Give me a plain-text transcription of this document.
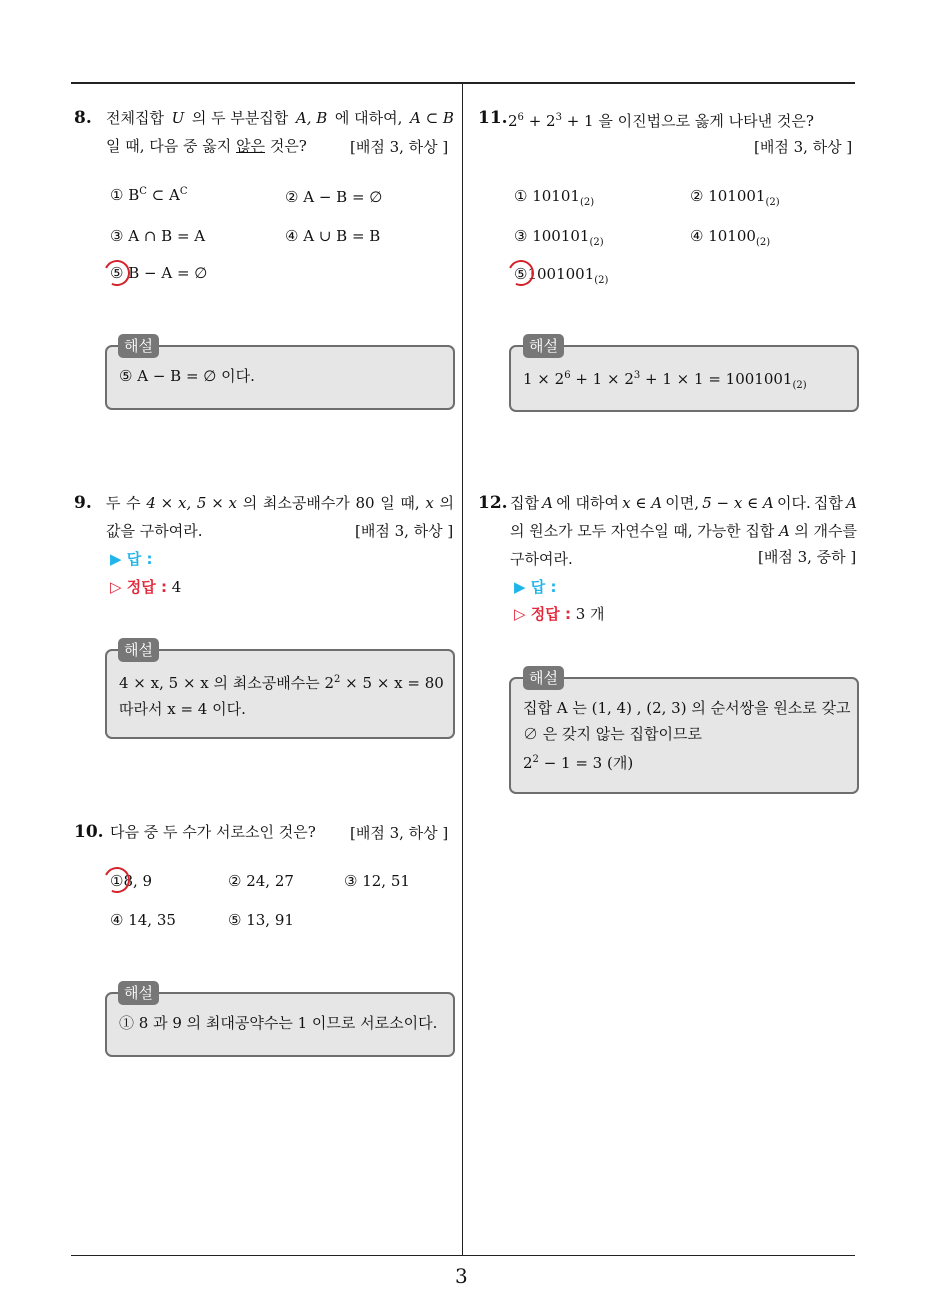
3
8. 전체집합 U 의 두 부분집합 A, B 에 대하여, A ⊂ B
일 때, 다음 중 옳지 않은 것은?	[배점 3, 하상 ]
① $B^C$ ⊂ $A^C$	② A − B = ∅
③ A ∩ B = A	④ A ∪ B = B
⑤ B − A = ∅
⑤ A − B = ∅ 이다.
해설
9. 두 수 4 × x, 5 × x 의 최소공배수가 80 일 때, x 의
값을 구하여라.	[배점 3, 하상 ]
▶ 답 :
▷ 정답 : 4
4 × x, 5 × x 의 최소공배수는 $2^2 \times 5 \times x = 80$
따라서 x = 4 이다.
해설
10. 다음 중 두 수가 서로소인 것은? [배점 3, 하상 ]
①8, 9	② 24, 27	③ 12, 51
④ 14, 35	⑤ 13, 91
① 8 과 9 의 최대공약수는 1 이므로 서로소이다.
해설
11. $2^6 + 2^3 + 1$ 을 이진법으로 옳게 나타낸 것은?
[배점 3, 하상 ]
① $10101_{(2)}$	② $101001_{(2)}$
③ $100101_{(2)}$	④ $10100_{(2)}$
$⑤1001001_{(2)}$
$1 \times 2^6 + 1 \times 2^3 + 1 \times 1 = 1001001_{(2)}$
해설
12. 집합 A 에 대하여 x ∈ A 이면, 5 − x ∈ A 이다. 집합 A
의 원소가 모두 자연수일 때, 가능한 집합 A 의 개수를
구하여라.	[배점 3, 중하 ]
▶ 답 :
▷ 정답 : 3 개
집합 A 는 (1, 4) , (2, 3) 의 순서쌍을 원소로 갖고
∅ 은 갖지 않는 집합이므로
$2^2 - 1 = 3$ (개)
해설
